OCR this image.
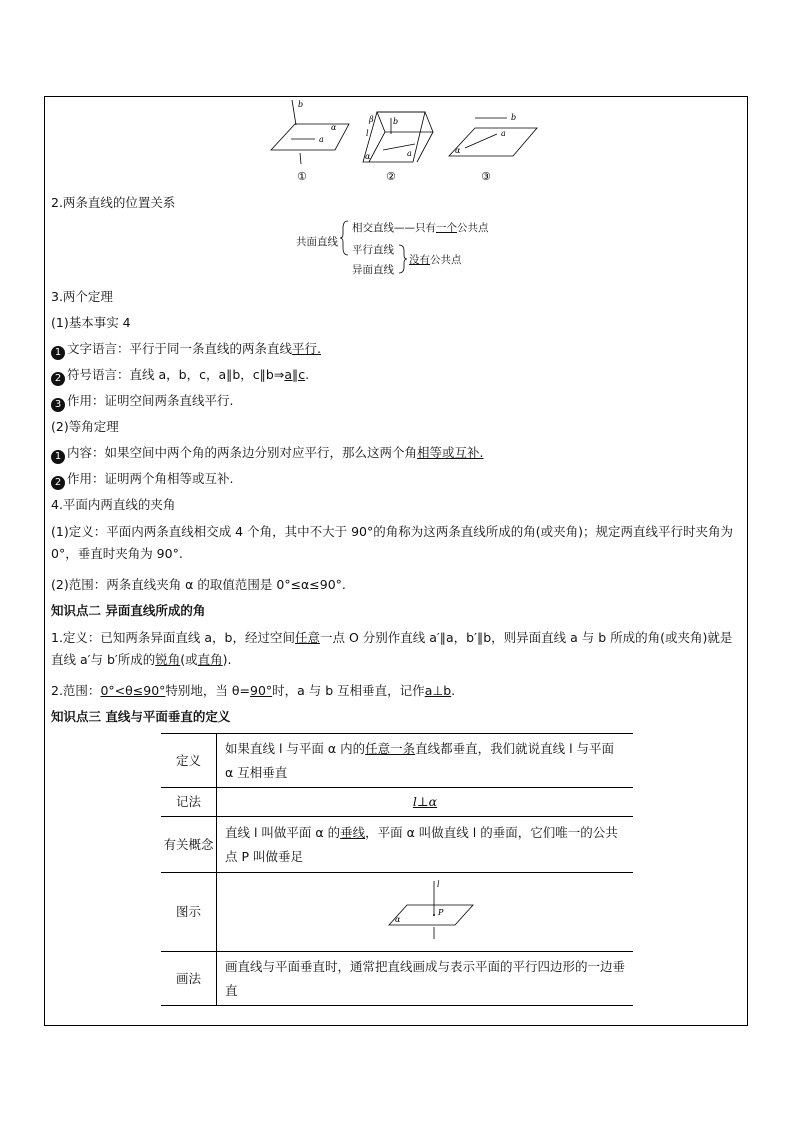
b
α
a
①
β b
l
a
α
②
b
α
a
③
2.两条直线的位置关系
共面直线
相交直线——只有一个公共点
平行直线
异面直线
没有公共点
3.两个定理
(1)基本事实 4
1 文字语言：平行于同一条直线的两条直线平行.
2 符号语言：直线 a，b，c，a∥b，c∥b⇒a∥c.
3 作用：证明空间两条直线平行.
(2)等角定理
1 内容：如果空间中两个角的两条边分别对应平行，那么这两个角相等或互补.
2 作用：证明两个角相等或互补.
4.平面内两直线的夹角
(1)定义：平面内两条直线相交成 4 个角，其中不大于 90°的角称为这两条直线所成的角(或夹角)；规定两直线平行时夹角为 0°，垂直时夹角为 90°.
(2)范围：两条直线夹角 α 的取值范围是 0°≤α≤90°.
知识点二 异面直线所成的角
1.定义：已知两条异面直线 a，b，经过空间任意一点 O 分别作直线 a′∥a，b′∥b，则异面直线 a 与 b 所成的角(或夹角)就是直线 a′与 b′所成的锐角(或直角).
2.范围：0°<θ≤90°特别地，当 θ=90°时，a 与 b 互相垂直，记作a⊥b.
知识点三 直线与平面垂直的定义
定义	如果直线 l 与平面 α 内的任意一条直线都垂直，我们就说直线 l 与平面 α 互相垂直
记法	l⊥α
有关概念	直线 l 叫做平面 α 的垂线，平面 α 叫做直线 l 的垂面，它们唯一的公共点 P 叫做垂足
图示	l
P
α

画法	画直线与平面垂直时，通常把直线画成与表示平面的平行四边形的一边垂直
